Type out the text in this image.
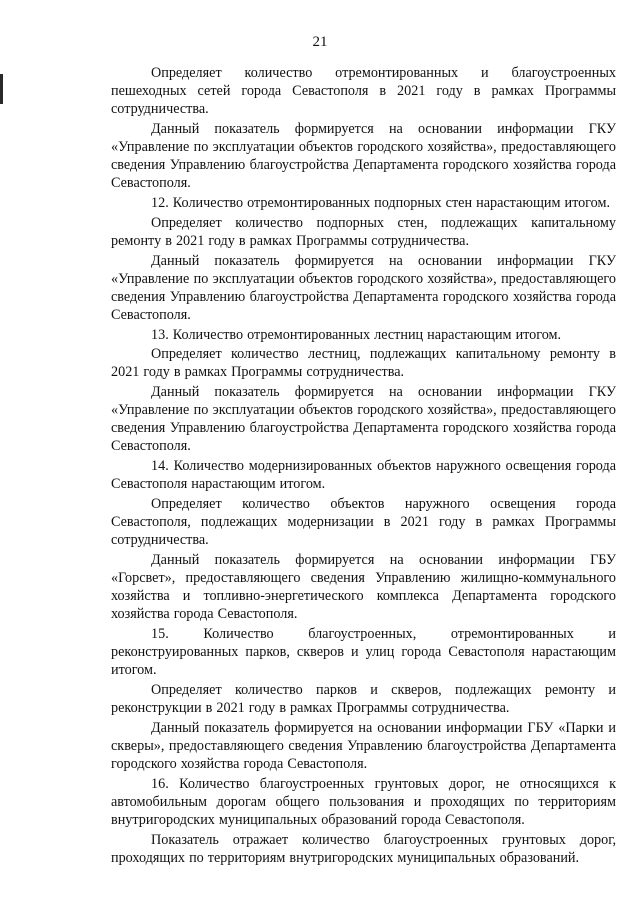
21

Определяет количество отремонтированных и благоустроенных пешеходных сетей города Севастополя в 2021 году в рамках Программы сотрудничества.

Данный показатель формируется на основании информации ГКУ «Управление по эксплуатации объектов городского хозяйства», предоставляющего сведения Управлению благоустройства Департамента городского хозяйства города Севастополя.

12. Количество отремонтированных подпорных стен нарастающим итогом.

Определяет количество подпорных стен, подлежащих капитальному ремонту в 2021 году в рамках Программы сотрудничества.

Данный показатель формируется на основании информации ГКУ «Управление по эксплуатации объектов городского хозяйства», предоставляющего сведения Управлению благоустройства Департамента городского хозяйства города Севастополя.

13. Количество отремонтированных лестниц нарастающим итогом.

Определяет количество лестниц, подлежащих капитальному ремонту в 2021 году в рамках Программы сотрудничества.

Данный показатель формируется на основании информации ГКУ «Управление по эксплуатации объектов городского хозяйства», предоставляющего сведения Управлению благоустройства Департамента городского хозяйства города Севастополя.

14. Количество модернизированных объектов наружного освещения города Севастополя нарастающим итогом.

Определяет количество объектов наружного освещения города Севастополя, подлежащих модернизации в 2021 году в рамках Программы сотрудничества.

Данный показатель формируется на основании информации ГБУ «Горсвет», предоставляющего сведения Управлению жилищно-коммунального хозяйства и топливно-энергетического комплекса Департамента городского хозяйства города Севастополя.

15. Количество благоустроенных, отремонтированных и реконструированных парков, скверов и улиц города Севастополя нарастающим итогом.

Определяет количество парков и скверов, подлежащих ремонту и реконструкции в 2021 году в рамках Программы сотрудничества.

Данный показатель формируется на основании информации ГБУ «Парки и скверы», предоставляющего сведения Управлению благоустройства Департамента городского хозяйства города Севастополя.

16. Количество благоустроенных грунтовых дорог, не относящихся к автомобильным дорогам общего пользования и проходящих по территориям внутригородских муниципальных образований города Севастополя.

Показатель отражает количество благоустроенных грунтовых дорог, проходящих по территориям внутригородских муниципальных образований.
